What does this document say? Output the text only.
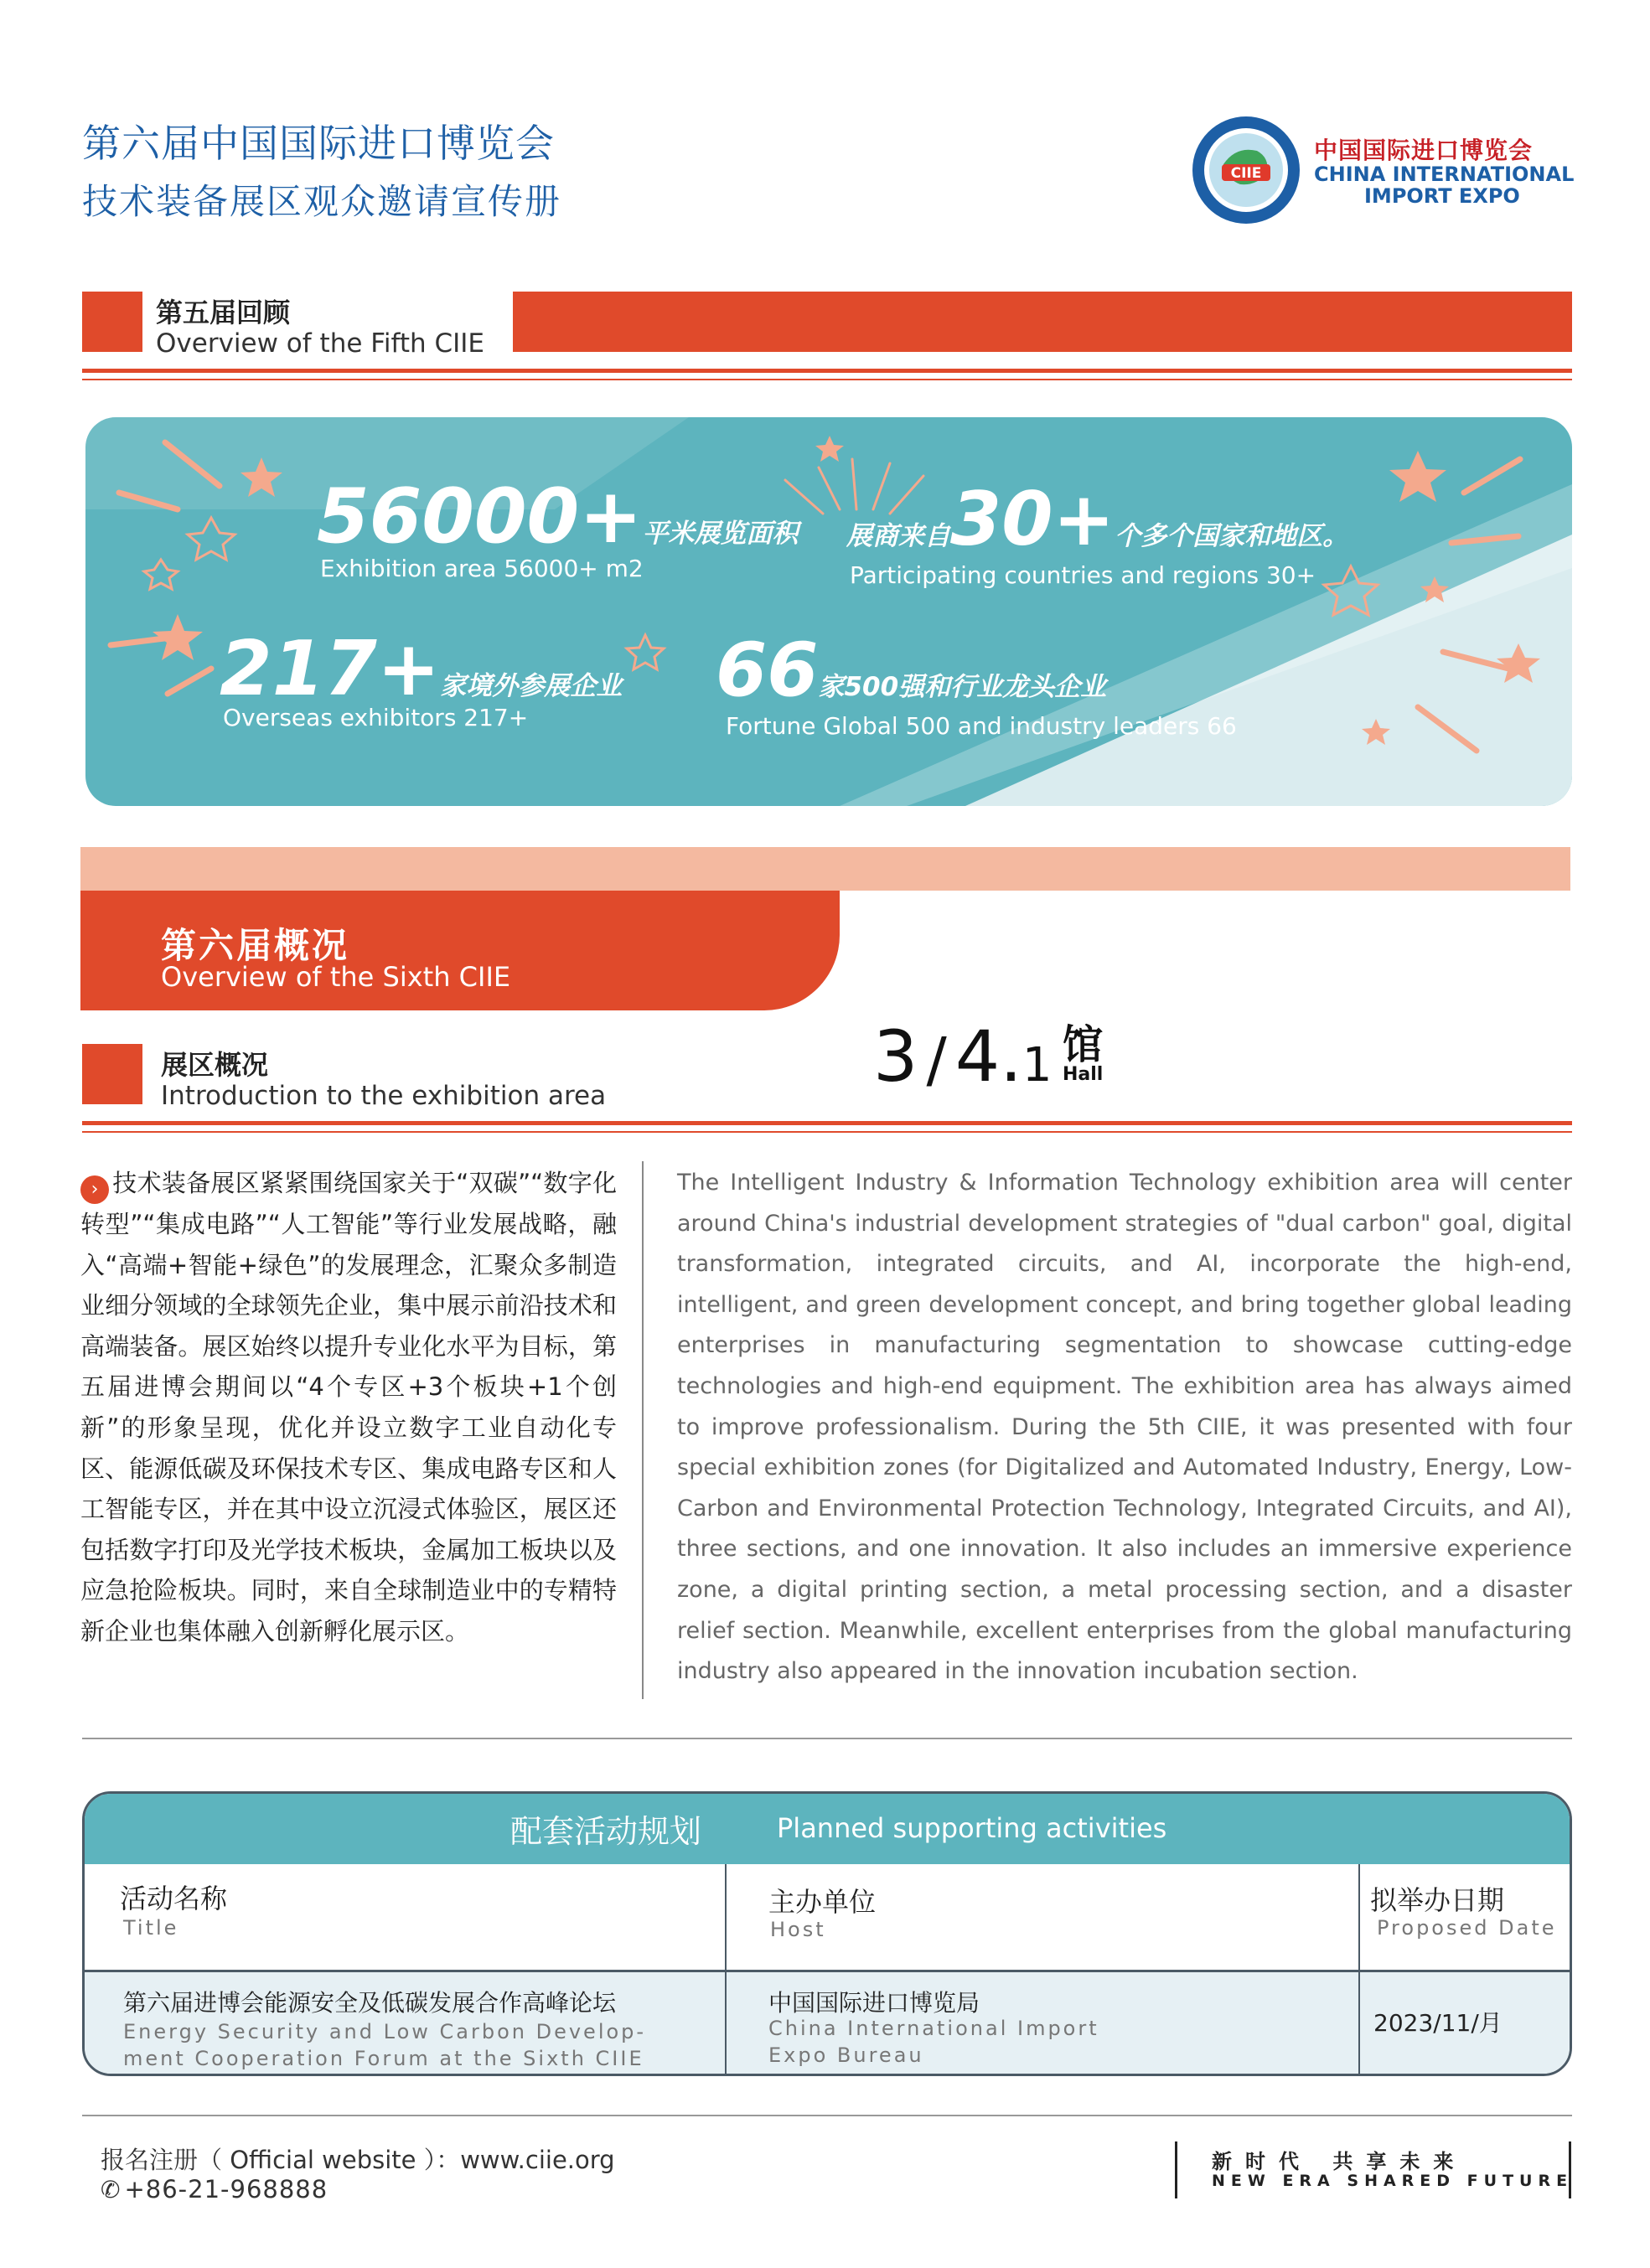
第六届中国国际进口博览会
技术装备展区观众邀请宣传册
CIIE
中国国际进口博览会
CHINA INTERNATIONAL
IMPORT EXPO
第五届回顾
Overview of the Fifth CIIE
56000+平米展览面积
Exhibition area 56000+ m2
展商来自30+个多个国家和地区。
Participating countries and regions 30+
217+家境外参展企业
Overseas exhibitors 217+
66家500强和行业龙头企业
Fortune Global 500 and industry leaders 66
第六届概况
Overview of the Sixth CIIE
展区概况
Introduction to the exhibition area	3 / 4.1 馆
Hall
› 技术装备展区紧紧围绕国家关于“双碳”“数字化转型”“集成电路”“人工智能”等行业发展战略，融入“高端+智能+绿色”的发展理念，汇聚众多制造业细分领域的全球领先企业，集中展示前沿技术和高端装备。展区始终以提升专业化水平为目标，第五届进博会期间以“4个专区+3个板块+1个创新”的形象呈现，优化并设立数字工业自动化专区、能源低碳及环保技术专区、集成电路专区和人工智能专区，并在其中设立沉浸式体验区，展区还包括数字打印及光学技术板块，金属加工板块以及应急抢险板块。同时，来自全球制造业中的专精特新企业也集体融入创新孵化展示区。
The Intelligent Industry & Information Technology exhibition area will center around China's industrial development strategies of "dual carbon" goal, digital transformation, integrated circuits, and AI, incorporate the high-end, intelligent, and green development concept, and bring together global leading enterprises in manufacturing segmentation to showcase cutting-edge technologies and high-end equipment. The exhibition area has always aimed to improve professionalism. During the 5th CIIE, it was presented with four special exhibition zones (for Digitalized and Automated Industry, Energy, Low-Carbon and Environmental Protection Technology, Integrated Circuits, and AI), three sections, and one innovation. It also includes an immersive experience zone, a digital printing section, a metal processing section, and a disaster relief section. Meanwhile, excellent enterprises from the global manufacturing industry also appeared in the innovation incubation section.
配套活动规划	Planned supporting activities
活动名称
Title
主办单位
Host
拟举办日期
Proposed Date
第六届进博会能源安全及低碳发展合作高峰论坛
Energy Security and Low Carbon Develop-
ment Cooperation Forum at the Sixth CIIE
中国国际进口博览局
China International Import
Expo Bureau
2023/11/月
报名注册（ Official website ）：www.ciie.org
✆ +86-21-968888
新时代 共享未来
NEW ERA SHARED FUTURE
